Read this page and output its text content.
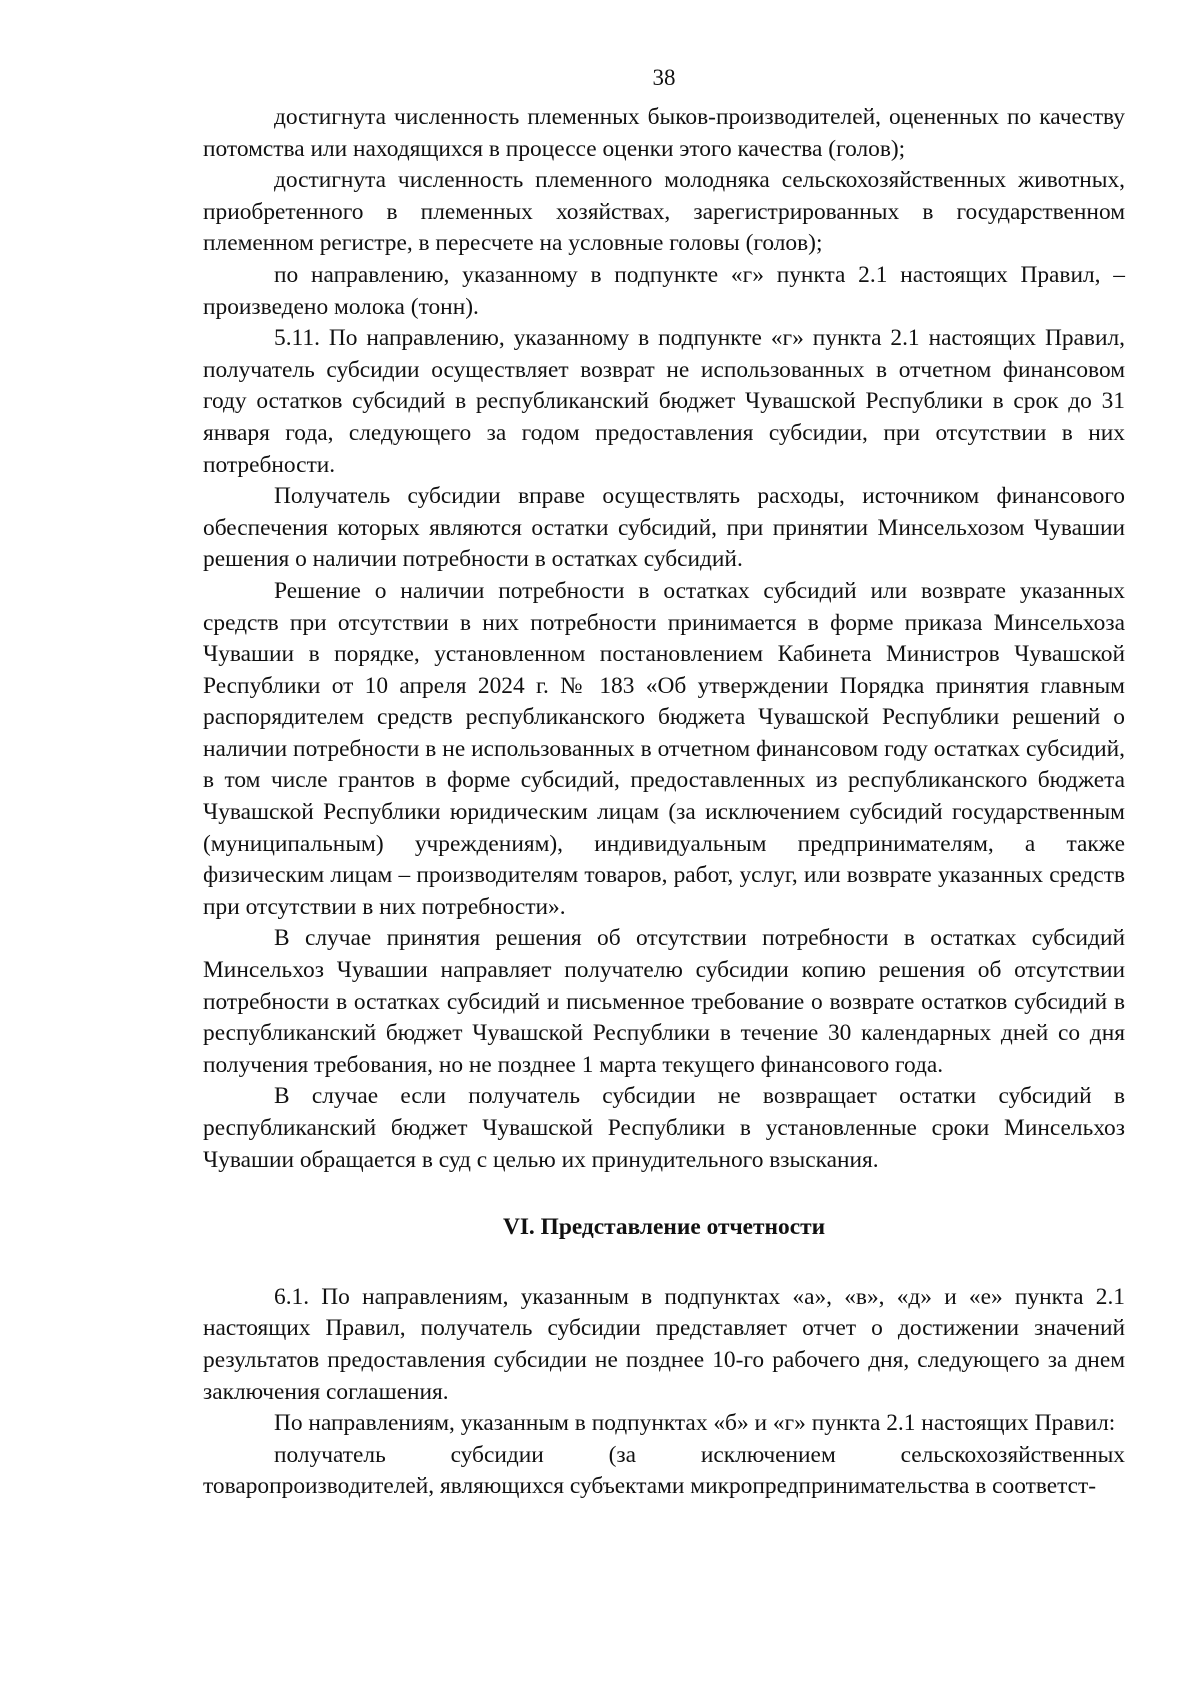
38

достигнута численность племенных быков-производителей, оцененных по качеству потомства или находящихся в процессе оценки этого качества (голов);

достигнута численность племенного молодняка сельскохозяйственных животных, приобретенного в племенных хозяйствах, зарегистрированных в государственном племенном регистре, в пересчете на условные головы (голов);

по направлению, указанному в подпункте «г» пункта 2.1 настоящих Правил, – произведено молока (тонн).

5.11. По направлению, указанному в подпункте «г» пункта 2.1 настоящих Правил, получатель субсидии осуществляет возврат не использованных в отчетном финансовом году остатков субсидий в республиканский бюджет Чувашской Республики в срок до 31 января года, следующего за годом предоставления субсидии, при отсутствии в них потребности.

Получатель субсидии вправе осуществлять расходы, источником финансового обеспечения которых являются остатки субсидий, при принятии Минсельхозом Чувашии решения о наличии потребности в остатках субсидий.

Решение о наличии потребности в остатках субсидий или возврате указанных средств при отсутствии в них потребности принимается в форме приказа Минсельхоза Чувашии в порядке, установленном постановлением Кабинета Министров Чувашской Республики от 10 апреля 2024 г. № 183 «Об утверждении Порядка принятия главным распорядителем средств республиканского бюджета Чувашской Республики решений о наличии потребности в не использованных в отчетном финансовом году остатках субсидий, в том числе грантов в форме субсидий, предоставленных из республиканского бюджета Чувашской Республики юридическим лицам (за исключением субсидий государственным (муниципальным) учреждениям), индивидуальным предпринимателям, а также физическим лицам – производителям товаров, работ, услуг, или возврате указанных средств при отсутствии в них потребности».

В случае принятия решения об отсутствии потребности в остатках субсидий Минсельхоз Чувашии направляет получателю субсидии копию решения об отсутствии потребности в остатках субсидий и письменное требование о возврате остатков субсидий в республиканский бюджет Чувашской Республики в течение 30 календарных дней со дня получения требования, но не позднее 1 марта текущего финансового года.

В случае если получатель субсидии не возвращает остатки субсидий в республиканский бюджет Чувашской Республики в установленные сроки Минсельхоз Чувашии обращается в суд с целью их принудительного взыскания.

VI. Представление отчетности

6.1. По направлениям, указанным в подпунктах «а», «в», «д» и «е» пункта 2.1 настоящих Правил, получатель субсидии представляет отчет о достижении значений результатов предоставления субсидии не позднее 10-го рабочего дня, следующего за днем заключения соглашения.

По направлениям, указанным в подпунктах «б» и «г» пункта 2.1 настоящих Правил:

получатель субсидии (за исключением сельскохозяйственных товаропроизводителей, являющихся субъектами микропредпринимательства в соответст-
